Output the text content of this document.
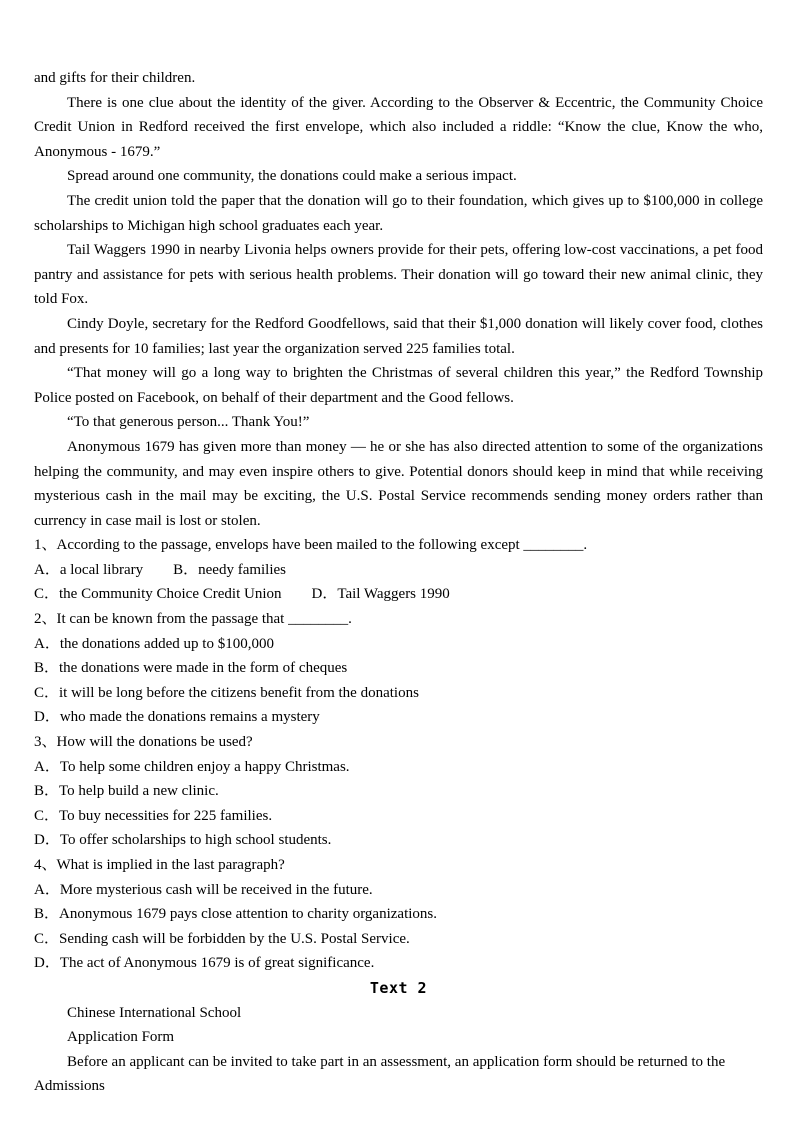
and gifts for their children.

There is one clue about the identity of the giver. According to the Observer & Eccentric, the Community Choice Credit Union in Redford received the first envelope, which also included a riddle: “Know the clue, Know the who, Anonymous - 1679.”

Spread around one community, the donations could make a serious impact.

The credit union told the paper that the donation will go to their foundation, which gives up to $100,000 in college scholarships to Michigan high school graduates each year.

Tail Waggers 1990 in nearby Livonia helps owners provide for their pets, offering low-cost vaccinations, a pet food pantry and assistance for pets with serious health problems. Their donation will go toward their new animal clinic, they told Fox.

Cindy Doyle, secretary for the Redford Goodfellows, said that their $1,000 donation will likely cover food, clothes and presents for 10 families; last year the organization served 225 families total.

“That money will go a long way to brighten the Christmas of several children this year,” the Redford Township Police posted on Facebook, on behalf of their department and the Good fellows.

“To that generous person... Thank You!”

Anonymous 1679 has given more than money — he or she has also directed attention to some of the organizations helping the community, and may even inspire others to give. Potential donors should keep in mind that while receiving mysterious cash in the mail may be exciting, the U.S. Postal Service recommends sending money orders rather than currency in case mail is lost or stolen.

1、According to the passage, envelops have been mailed to the following except ________.

A．a local library B．needy families

C．the Community Choice Credit Union D．Tail Waggers 1990

2、It can be known from the passage that ________.

A．the donations added up to $100,000

B．the donations were made in the form of cheques

C．it will be long before the citizens benefit from the donations

D．who made the donations remains a mystery

3、How will the donations be used?

A．To help some children enjoy a happy Christmas.

B．To help build a new clinic.

C．To buy necessities for 225 families.

D．To offer scholarships to high school students.

4、What is implied in the last paragraph?

A．More mysterious cash will be received in the future.

B．Anonymous 1679 pays close attention to charity organizations.

C．Sending cash will be forbidden by the U.S. Postal Service.

D．The act of Anonymous 1679 is of great significance.

Text 2

Chinese International School

Application Form

Before an applicant can be invited to take part in an assessment, an application form should be returned to the Admissions
